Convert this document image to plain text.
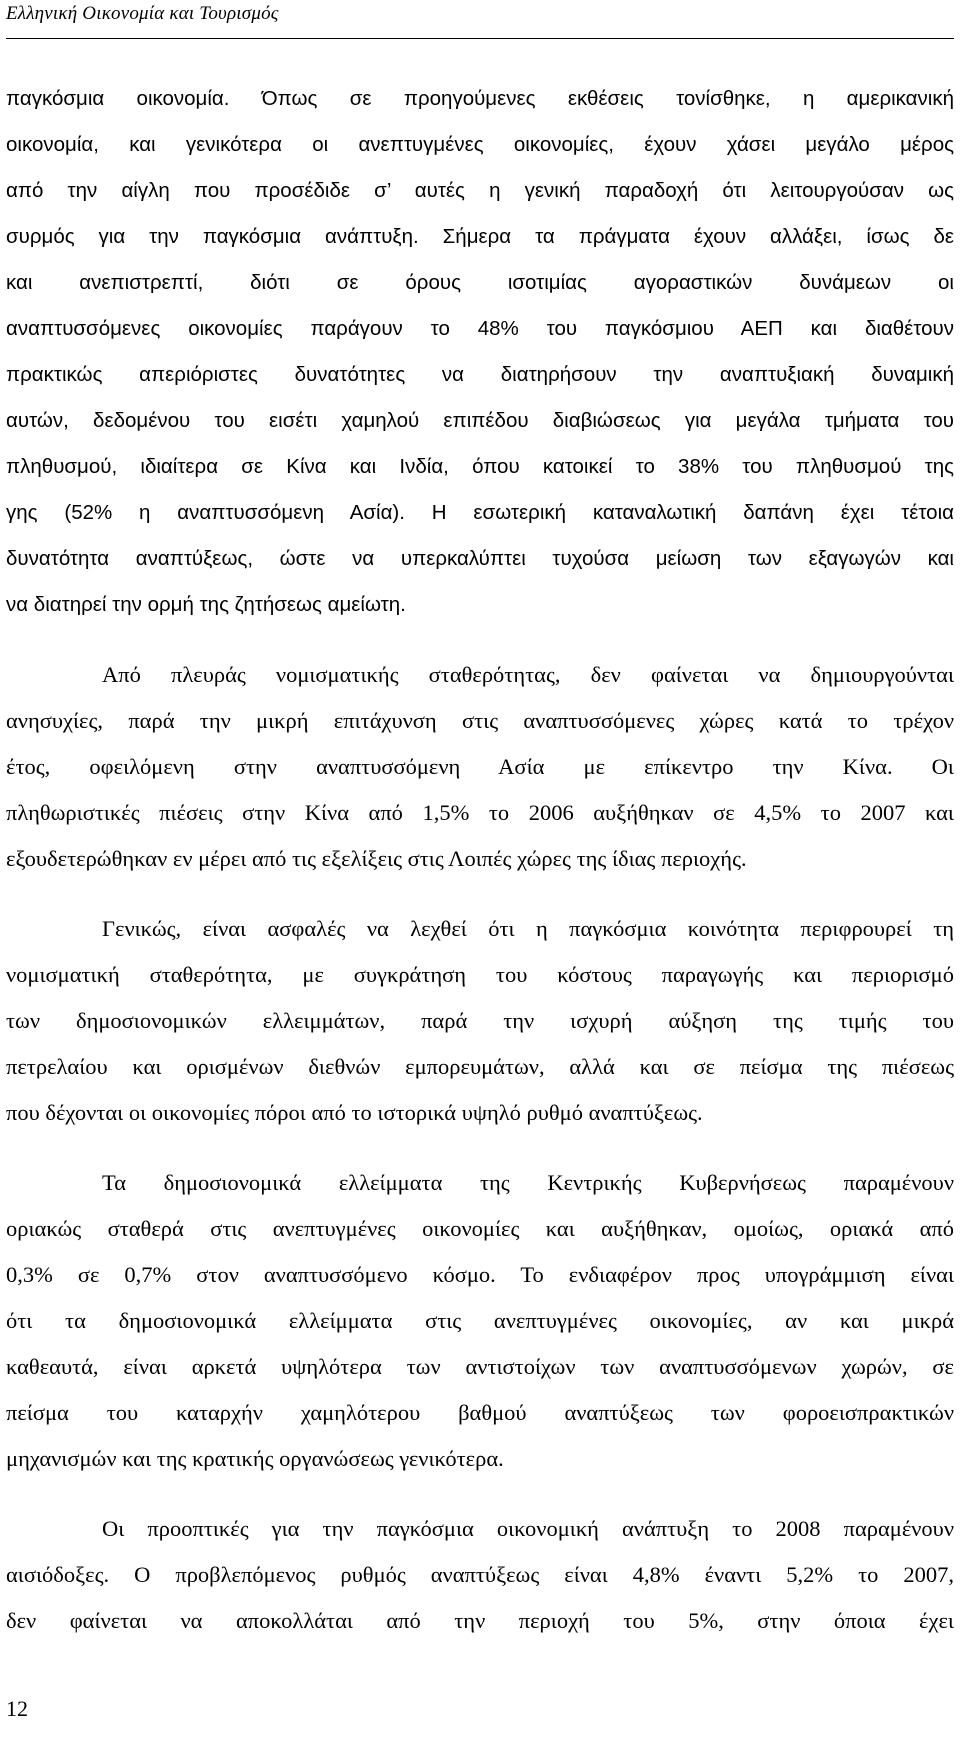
Ελληνική Οικονομία και Τουρισμός
παγκόσμια οικονομία. Όπως σε προηγούμενες εκθέσεις τονίσθηκε, η αμερικανική
οικονομία, και γενικότερα οι ανεπτυγμένες οικονομίες, έχουν χάσει μεγάλο μέρος
από την αίγλη που προσέδιδε σ’ αυτές η γενική παραδοχή ότι λειτουργούσαν ως
συρμός για την παγκόσμια ανάπτυξη. Σήμερα τα πράγματα έχουν αλλάξει, ίσως δε
και ανεπιστρεπτί, διότι σε όρους ισοτιμίας αγοραστικών δυνάμεων οι
αναπτυσσόμενες οικονομίες παράγουν το 48% του παγκόσμιου ΑΕΠ και διαθέτουν
πρακτικώς απεριόριστες δυνατότητες να διατηρήσουν την αναπτυξιακή δυναμική
αυτών, δεδομένου του εισέτι χαμηλού επιπέδου διαβιώσεως για μεγάλα τμήματα του
πληθυσμού, ιδιαίτερα σε Κίνα και Ινδία, όπου κατοικεί το 38% του πληθυσμού της
γης (52% η αναπτυσσόμενη Ασία). Η εσωτερική καταναλωτική δαπάνη έχει τέτοια
δυνατότητα αναπτύξεως, ώστε να υπερκαλύπτει τυχούσα μείωση των εξαγωγών και
να διατηρεί την ορμή της ζητήσεως αμείωτη.
Από πλευράς νομισματικής σταθερότητας, δεν φαίνεται να δημιουργούνται
ανησυχίες, παρά την μικρή επιτάχυνση στις αναπτυσσόμενες χώρες κατά το τρέχον
έτος, οφειλόμενη στην αναπτυσσόμενη Ασία με επίκεντρο την Κίνα. Οι
πληθωριστικές πιέσεις στην Κίνα από 1,5% το 2006 αυξήθηκαν σε 4,5% το 2007 και
εξουδετερώθηκαν εν μέρει από τις εξελίξεις στις Λοιπές χώρες της ίδιας περιοχής.
Γενικώς, είναι ασφαλές να λεχθεί ότι η παγκόσμια κοινότητα περιφρουρεί τη
νομισματική σταθερότητα, με συγκράτηση του κόστους παραγωγής και περιορισμό
των δημοσιονομικών ελλειμμάτων, παρά την ισχυρή αύξηση της τιμής του
πετρελαίου και ορισμένων διεθνών εμπορευμάτων, αλλά και σε πείσμα της πιέσεως
που δέχονται οι οικονομίες πόροι από το ιστορικά υψηλό ρυθμό αναπτύξεως.
Τα δημοσιονομικά ελλείμματα της Κεντρικής Κυβερνήσεως παραμένουν
οριακώς σταθερά στις ανεπτυγμένες οικονομίες και αυξήθηκαν, ομοίως, οριακά από
0,3% σε 0,7% στον αναπτυσσόμενο κόσμο. Το ενδιαφέρον προς υπογράμμιση είναι
ότι τα δημοσιονομικά ελλείμματα στις ανεπτυγμένες οικονομίες, αν και μικρά
καθεαυτά, είναι αρκετά υψηλότερα των αντιστοίχων των αναπτυσσόμενων χωρών, σε
πείσμα του καταρχήν χαμηλότερου βαθμού αναπτύξεως των φοροεισπρακτικών
μηχανισμών και της κρατικής οργανώσεως γενικότερα.
Οι προοπτικές για την παγκόσμια οικονομική ανάπτυξη το 2008 παραμένουν
αισιόδοξες. Ο προβλεπόμενος ρυθμός αναπτύξεως είναι 4,8% έναντι 5,2% το 2007,
δεν φαίνεται να αποκολλάται από την περιοχή του 5%, στην όποια έχει
12
